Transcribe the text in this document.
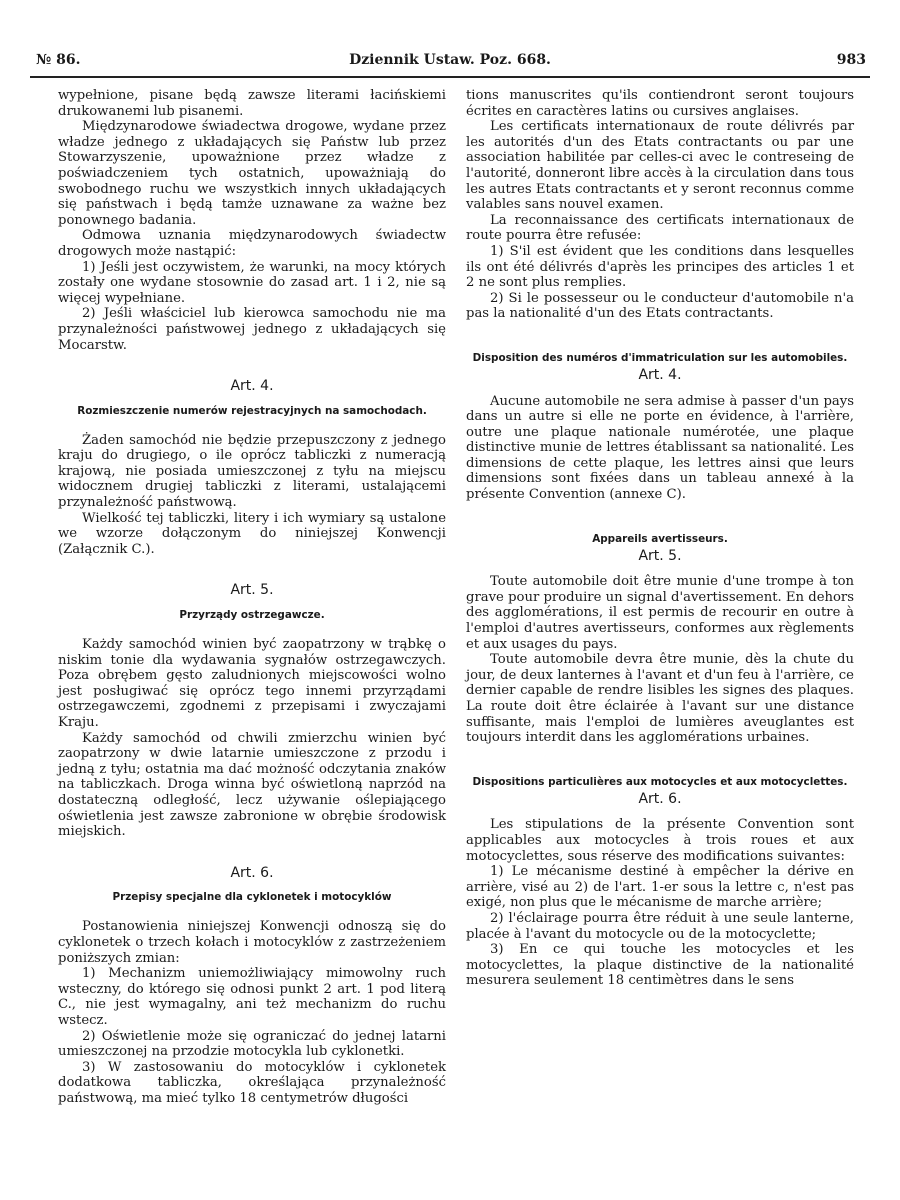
№ 86.	Dziennik Ustaw. Poz. 668.	983

wypełnione, pisane będą zawsze literami łacińskiemi drukowanemi lub pisanemi.

Międzynarodowe świadectwa drogowe, wydane przez władze jednego z układających się Państw lub przez Stowarzyszenie, upoważnione przez władze z poświadczeniem tych ostatnich, upoważniają do swobodnego ruchu we wszystkich innych układających się państwach i będą tamże uznawane za ważne bez ponownego badania.

Odmowa uznania międzynarodowych świadectw drogowych może nastąpić:

1) Jeśli jest oczywistem, że warunki, na mocy których zostały one wydane stosownie do zasad art. 1 i 2, nie są więcej wypełniane.

2) Jeśli właściciel lub kierowca samochodu nie ma przynależności państwowej jednego z układających się Mocarstw.

Art. 4.
Rozmieszczenie numerów rejestracyjnych na samochodach.

Żaden samochód nie będzie przepuszczony z jednego kraju do drugiego, o ile oprócz tabliczki z numeracją krajową, nie posiada umieszczonej z tyłu na miejscu widocznem drugiej tabliczki z literami, ustalającemi przynależność państwową.

Wielkość tej tabliczki, litery i ich wymiary są ustalone we wzorze dołączonym do niniejszej Konwencji (Załącznik C.).

Art. 5.
Przyrządy ostrzegawcze.

Każdy samochód winien być zaopatrzony w trąbkę o niskim tonie dla wydawania sygnałów ostrzegawczych. Poza obrębem gęsto zaludnionych miejscowości wolno jest posługiwać się oprócz tego innemi przyrządami ostrzegawczemi, zgodnemi z przepisami i zwyczajami Kraju.

Każdy samochód od chwili zmierzchu winien być zaopatrzony w dwie latarnie umieszczone z przodu i jedną z tyłu; ostatnia ma dać możność odczytania znaków na tabliczkach. Droga winna być oświetloną naprzód na dostateczną odległość, lecz używanie oślepiającego oświetlenia jest zawsze zabronione w obrębie środowisk miejskich.

Art. 6.
Przepisy specjalne dla cyklonetek i motocyklów

Postanowienia niniejszej Konwencji odnoszą się do cyklonetek o trzech kołach i motocyklów z zastrzeżeniem poniższych zmian:

1) Mechanizm uniemożliwiający mimowolny ruch wsteczny, do którego się odnosi punkt 2 art. 1 pod literą C., nie jest wymagalny, ani też mechanizm do ruchu wstecz.

2) Oświetlenie może się ograniczać do jednej latarni umieszczonej na przodzie motocykla lub cyklonetki.

3) W zastosowaniu do motocyklów i cyklonetek dodatkowa tabliczka, określająca przynależność państwową, ma mieć tylko 18 centymetrów długości

tions manuscrites qu'ils contiendront seront toujours écrites en caractères latins ou cursives anglaises.

Les certificats internationaux de route délivrés par les autorités d'un des Etats contractants ou par une association habilitée par celles-ci avec le contreseing de l'autorité, donneront libre accès à la circulation dans tous les autres Etats contractants et y seront reconnus comme valables sans nouvel examen.

La reconnaissance des certificats internationaux de route pourra être refusée:

1) S'il est évident que les conditions dans lesquelles ils ont été délivrés d'après les principes des articles 1 et 2 ne sont plus remplies.

2) Si le possesseur ou le conducteur d'automobile n'a pas la nationalité d'un des Etats contractants.

Disposition des numéros d'immatriculation sur les automobiles.
Art. 4.

Aucune automobile ne sera admise à passer d'un pays dans un autre si elle ne porte en évidence, à l'arrière, outre une plaque nationale numérotée, une plaque distinctive munie de lettres établissant sa nationalité. Les dimensions de cette plaque, les lettres ainsi que leurs dimensions sont fixées dans un tableau annexé à la présente Convention (annexe C).

Appareils avertisseurs.
Art. 5.

Toute automobile doit être munie d'une trompe à ton grave pour produire un signal d'avertissement. En dehors des agglomérations, il est permis de recourir en outre à l'emploi d'autres avertisseurs, conformes aux règlements et aux usages du pays.

Toute automobile devra être munie, dès la chute du jour, de deux lanternes à l'avant et d'un feu à l'arrière, ce dernier capable de rendre lisibles les signes des plaques. La route doit être éclairée à l'avant sur une distance suffisante, mais l'emploi de lumières aveuglantes est toujours interdit dans les agglomérations urbaines.

Dispositions particulières aux motocycles et aux motocyclettes.
Art. 6.

Les stipulations de la présente Convention sont applicables aux motocycles à trois roues et aux motocyclettes, sous réserve des modifications suivantes:

1) Le mécanisme destiné à empêcher la dérive en arrière, visé au 2) de l'art. 1-er sous la lettre c, n'est pas exigé, non plus que le mécanisme de marche arrière;

2) l'éclairage pourra être réduit à une seule lanterne, placée à l'avant du motocycle ou de la motocyclette;

3) En ce qui touche les motocycles et les motocyclettes, la plaque distinctive de la nationalité mesurera seulement 18 centimètres dans le sens
